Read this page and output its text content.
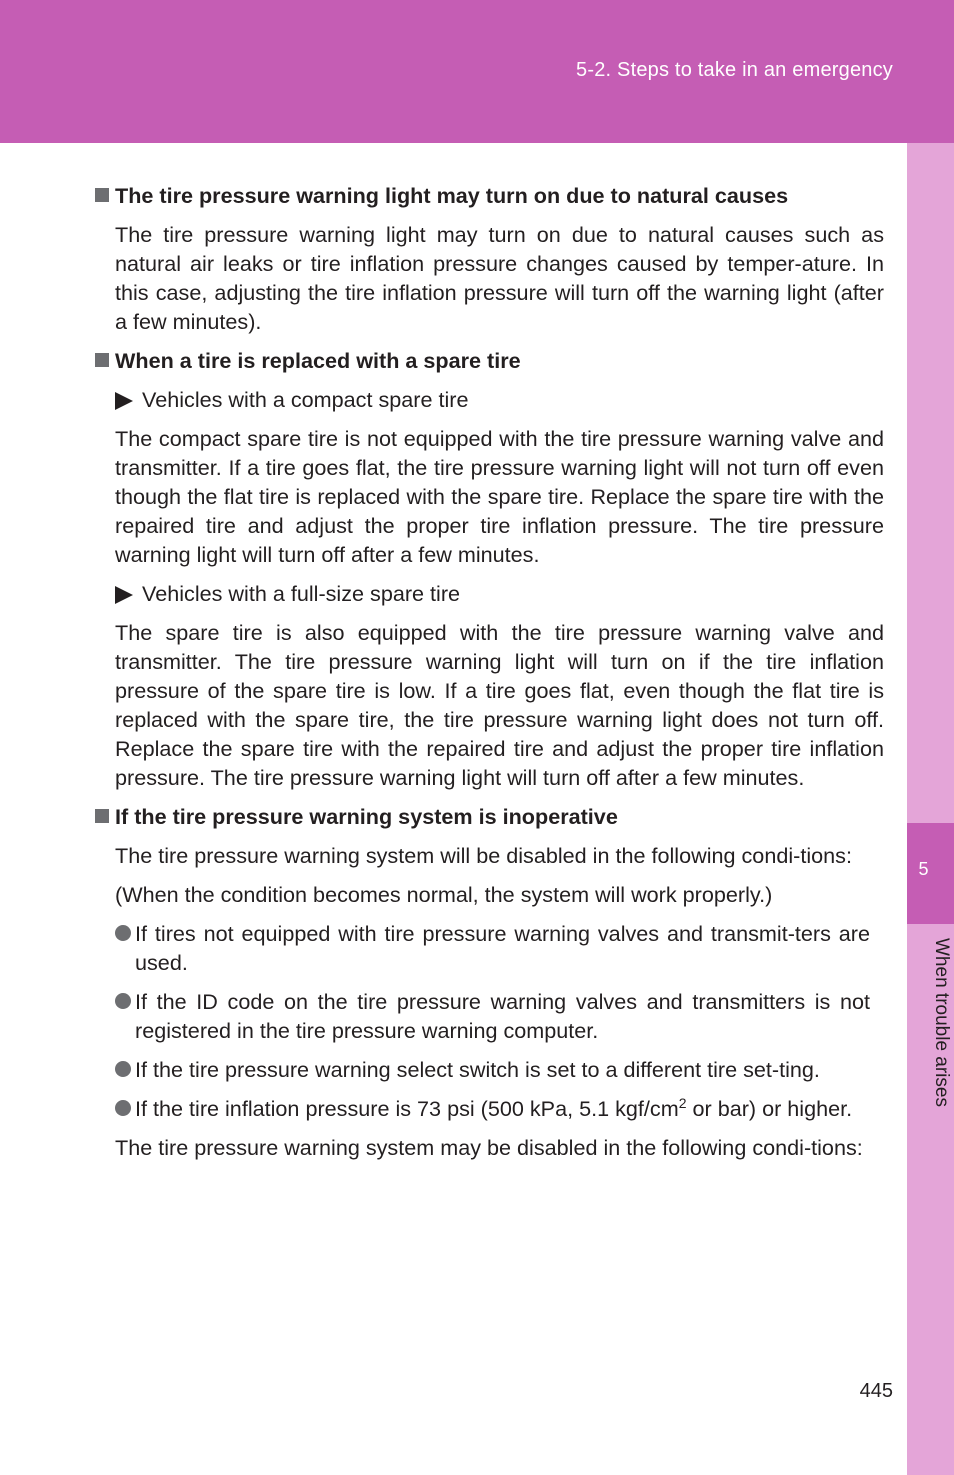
5-2. Steps to take in an emergency
5
When trouble arises
The tire pressure warning light may turn on due to natural causes
The tire pressure warning light may turn on due to natural causes such as natural air leaks or tire inflation pressure changes caused by temper-ature. In this case, adjusting the tire inflation pressure will turn off the warning light (after a few minutes).
When a tire is replaced with a spare tire
Vehicles with a compact spare tire
The compact spare tire is not equipped with the tire pressure warning valve and transmitter. If a tire goes flat, the tire pressure warning light will not turn off even though the flat tire is replaced with the spare tire. Replace the spare tire with the repaired tire and adjust the proper tire inflation pressure. The tire pressure warning light will turn off after a few minutes.
Vehicles with a full-size spare tire
The spare tire is also equipped with the tire pressure warning valve and transmitter. The tire pressure warning light will turn on if the tire inflation pressure of the spare tire is low. If a tire goes flat, even though the flat tire is replaced with the spare tire, the tire pressure warning light does not turn off. Replace the spare tire with the repaired tire and adjust the proper tire inflation pressure. The tire pressure warning light will turn off after a few minutes.
If the tire pressure warning system is inoperative
The tire pressure warning system will be disabled in the following condi-tions:
(When the condition becomes normal, the system will work properly.)
If tires not equipped with tire pressure warning valves and transmit-ters are used.
If the ID code on the tire pressure warning valves and transmitters is not registered in the tire pressure warning computer.
If the tire pressure warning select switch is set to a different tire set-ting.
If the tire inflation pressure is 73 psi (500 kPa, 5.1 kgf/$cm^2$ or bar) or higher.
The tire pressure warning system may be disabled in the following condi-tions:
445
